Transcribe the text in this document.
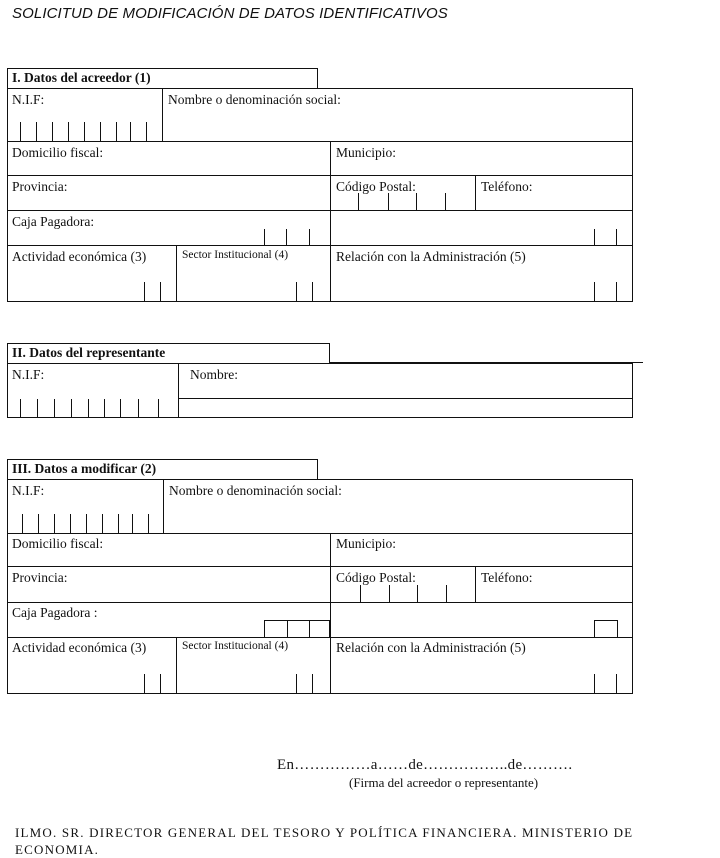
SOLICITUD DE MODIFICACIÓN DE DATOS IDENTIFICATIVOS
I. Datos del acreedor (1)
N.I.F:	Nombre o denominación social:
Domicilio fiscal:	Municipio:
Provincia:	Código Postal:	Teléfono:
Caja Pagadora:
Actividad económica (3)	Sector Institucional (4)	Relación con la Administración (5)
II. Datos del representante
N.I.F:	Nombre:
III. Datos a modificar (2)
N.I.F:	Nombre o denominación social:
Domicilio fiscal:	Municipio:
Provincia:	Código Postal:	Teléfono:
Caja Pagadora :
Actividad económica (3)	Sector Institucional (4)	Relación con la Administración (5)
En……………a……de……………..de……….
(Firma del acreedor o representante)
ILMO. SR. DIRECTOR GENERAL DEL TESORO Y POLÍTICA FINANCIERA. MINISTERIO DE
ECONOMIA.
